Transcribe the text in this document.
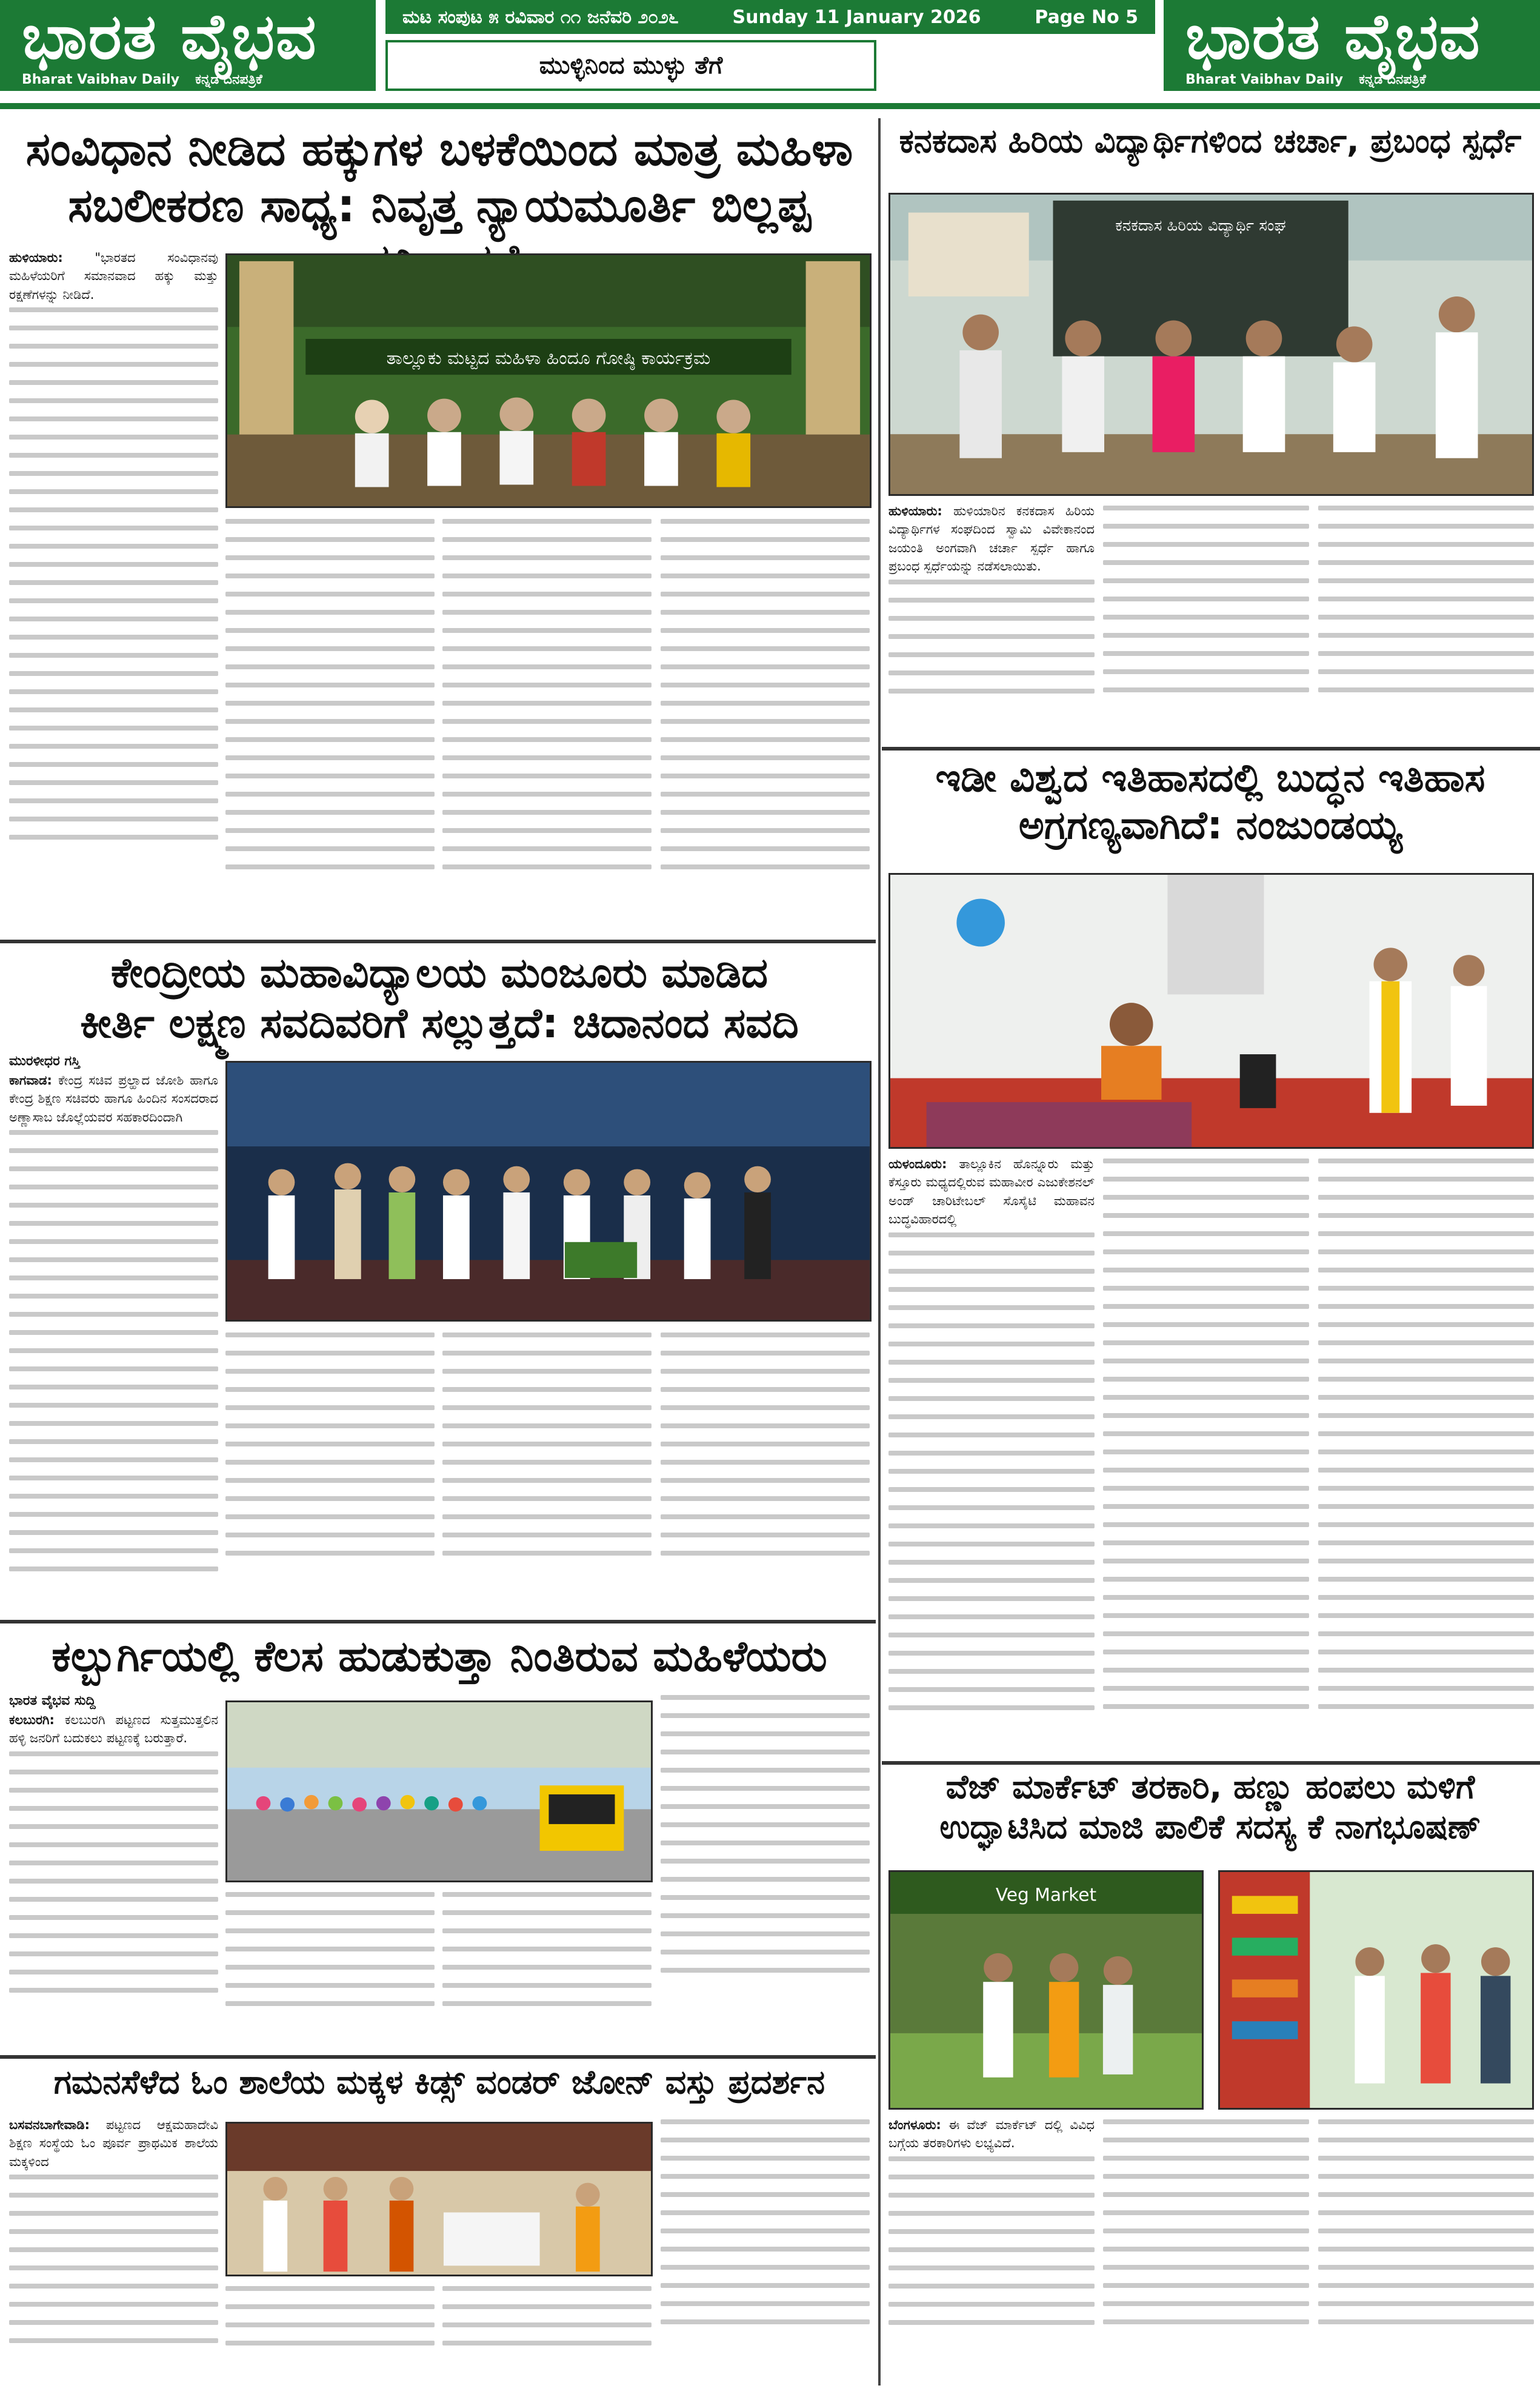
ಭಾರತ ವೈಭವ
Bharat Vaibhav Daily ಕನ್ನಡ ದಿನಪತ್ರಿಕೆ
ಮಟ ಸಂಪುಟ ೫ ರವಿವಾರ ೧೧ ಜನೆವರಿ ೨೦೨೬	Sunday 11 January 2026	Page No 5
ಮುಳ್ಳಿನಿಂದ ಮುಳ್ಳು ತೆಗೆ	ಭಾರತ ವೈಭವ
Bharat Vaibhav Daily ಕನ್ನಡ ದಿನಪತ್ರಿಕೆ
ಸಂವಿಧಾನ ನೀಡಿದ ಹಕ್ಕುಗಳ ಬಳಕೆಯಿಂದ ಮಾತ್ರ ಮಹಿಳಾ
ಸಬಲೀಕರಣ ಸಾಧ್ಯ: ನಿವೃತ್ತ ನ್ಯಾಯಮೂರ್ತಿ ಬಿಲ್ಲಪ್ಪ
ಹುಳಿಯಾರು:	"ಭಾರತದ ಸಂವಿಧಾನವು ಮಹಿಳೆಯರಿಗೆ ಸಮಾನವಾದ ಹಕ್ಕು ಮತ್ತು ರಕ್ಷಣೆಗಳನ್ನು ನೀಡಿದೆ.
ತಾಲ್ಲೂಕು ಮಟ್ಟದ ಮಹಿಳಾ ಹಿಂದೂ ಗೋಷ್ಠಿ ಕಾರ್ಯಕ್ರಮ
ಕೇಂದ್ರೀಯ ಮಹಾವಿದ್ಯಾಲಯ ಮಂಜೂರು ಮಾಡಿದ
ಕೀರ್ತಿ ಲಕ್ಷ್ಮಣ ಸವದಿವರಿಗೆ ಸಲ್ಲುತ್ತದೆ: ಚಿದಾನಂದ ಸವದಿ
ಮುರಳೀಧರ ಗಸ್ತಿ
ಕಾಗವಾಡ: ಕೇಂದ್ರ ಸಚಿವ ಪ್ರಲ್ಹಾದ ಜೋಶಿ ಹಾಗೂ ಕೇಂದ್ರ ಶಿಕ್ಷಣ ಸಚಿವರು ಹಾಗೂ ಹಿಂದಿನ ಸಂಸದರಾದ ಅಣ್ಣಾಸಾಬ ಜೊಲ್ಲೆಯವರ ಸಹಕಾರದಿಂದಾಗಿ
ಕಲ್ಬುರ್ಗಿಯಲ್ಲಿ ಕೆಲಸ ಹುಡುಕುತ್ತಾ ನಿಂತಿರುವ ಮಹಿಳೆಯರು
ಭಾರತ ವೈಭವ ಸುದ್ದಿ
ಕಲಬುರಗಿ: ಕಲಬುರಗಿ ಪಟ್ಟಣದ ಸುತ್ತಮುತ್ತಲಿನ ಹಳ್ಳಿ ಜನರಿಗೆ ಬದುಕಲು ಪಟ್ಟಣಕ್ಕೆ ಬರುತ್ತಾರೆ.
ಗಮನಸೆಳೆದ ಓಂ ಶಾಲೆಯ ಮಕ್ಕಳ ಕಿಡ್ಸ್ ವಂಡರ್ ಜೋನ್ ವಸ್ತು ಪ್ರದರ್ಶನ
ಬಸವನಬಾಗೇವಾಡಿ: ಪಟ್ಟಣದ ಆಕ್ಷಮಹಾದೇವಿ ಶಿಕ್ಷಣ ಸಂಸ್ಥೆಯ ಓಂ ಪೂರ್ವ ಪ್ರಾಥಮಿಕ ಶಾಲೆಯ ಮಕ್ಕಳಿಂದ
ಕನಕದಾಸ ಹಿರಿಯ ವಿದ್ಯಾರ್ಥಿಗಳಿಂದ ಚರ್ಚಾ, ಪ್ರಬಂಧ ಸ್ಪರ್ಧೆ
ಕನಕದಾಸ ಹಿರಿಯ ವಿದ್ಯಾರ್ಥಿ ಸಂಘ
ಹುಳಿಯಾರು: ಹುಳಿಯಾರಿನ ಕನಕದಾಸ ಹಿರಿಯ ವಿದ್ಯಾರ್ಥಿಗಳ ಸಂಘದಿಂದ ಸ್ವಾಮಿ ವಿವೇಕಾನಂದ ಜಯಂತಿ ಅಂಗವಾಗಿ ಚರ್ಚಾ ಸ್ಪರ್ಧೆ ಹಾಗೂ ಪ್ರಬಂಧ ಸ್ಪರ್ಧೆಯನ್ನು ನಡೆಸಲಾಯಿತು.
ಇಡೀ ವಿಶ್ವದ ಇತಿಹಾಸದಲ್ಲಿ ಬುದ್ಧನ ಇತಿಹಾಸ
ಅಗ್ರಗಣ್ಯವಾಗಿದೆ: ನಂಜುಂಡಯ್ಯ
ಯಳಂದೂರು: ತಾಲ್ಲೂಕಿನ ಹೊನ್ನೂರು ಮತ್ತು ಕೆಸ್ತೂರು ಮಧ್ಯದಲ್ಲಿರುವ ಮಹಾವೀರ ಎಜುಕೇಶನಲ್ ಅಂಡ್ ಚಾರಿಟೇಬಲ್ ಸೊಸೈಟಿ ಮಹಾವನ ಬುದ್ಧವಿಹಾರದಲ್ಲಿ
ವೆಜ್ ಮಾರ್ಕೆಟ್ ತರಕಾರಿ, ಹಣ್ಣು ಹಂಪಲು ಮಳಿಗೆ
ಉದ್ಘಾಟಿಸಿದ ಮಾಜಿ ಪಾಲಿಕೆ ಸದಸ್ಯ ಕೆ ನಾಗಭೂಷಣ್
Veg Market
ಬೆಂಗಳೂರು: ಈ ವೆಜ್ ಮಾರ್ಕೆಟ್ ದಲ್ಲಿ ವಿವಿಧ ಬಗ್ಗೆಯ ತರಕಾರಿಗಳು ಲಭ್ಯವಿದೆ.
